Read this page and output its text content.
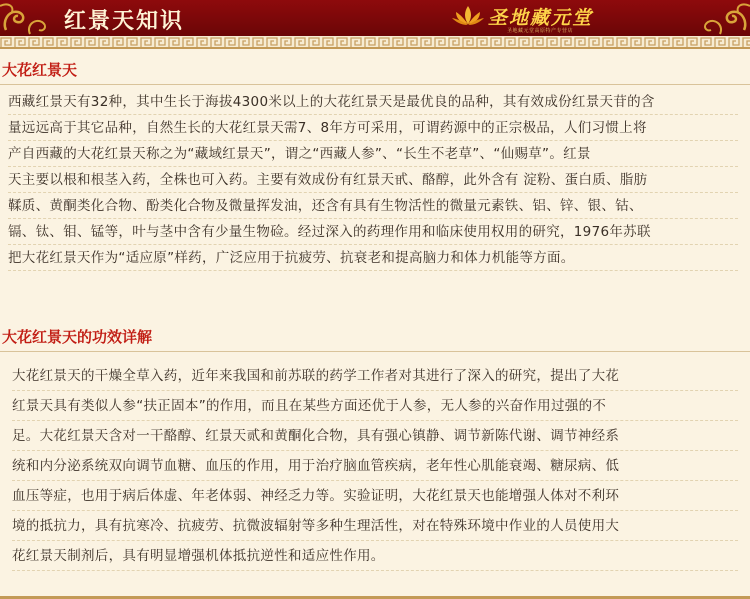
红景天知识	圣地藏元堂
圣地藏元堂高原特产专营店
大花红景天
西藏红景天有32种，其中生长于海拔4300米以上的大花红景天是最优良的品种，其有效成份红景天苷的含
量远远高于其它品种，自然生长的大花红景天需7、8年方可采用，可谓药源中的正宗极品，人们习惯上将
产自西藏的大花红景天称之为“藏域红景天”，谓之“西藏人参”、“长生不老草”、“仙赐草”。红景
天主要以根和根茎入药，全株也可入药。主要有效成份有红景天甙、酪醇，此外含有 淀粉、蛋白质、脂肪
鞣质、黄酮类化合物、酚类化合物及微量挥发油，还含有具有生物活性的微量元素铁、铝、锌、银、钴、
镉、钛、钼、锰等，叶与茎中含有少量生物硷。经过深入的药理作用和临床使用权用的研究，1976年苏联
把大花红景天作为“适应原”样药，广泛应用于抗疲劳、抗衰老和提高脑力和体力机能等方面。
大花红景天的功效详解
大花红景天的干燥全草入药，近年来我国和前苏联的药学工作者对其进行了深入的研究，提出了大花
红景天具有类似人参“扶正固本”的作用，而且在某些方面还优于人参，无人参的兴奋作用过强的不
足。大花红景天含对一干酪醇、红景天贰和黄酮化合物，具有强心镇静、调节新陈代谢、调节神经系
统和内分泌系统双向调节血糖、血压的作用，用于治疗脑血管疾病，老年性心肌能衰竭、糖尿病、低
血压等症，也用于病后体虚、年老体弱、神经乏力等。实验证明，大花红景天也能增强人体对不利环
境的抵抗力，具有抗寒冷、抗疲劳、抗微波辐射等多种生理活性，对在特殊环境中作业的人员使用大
花红景天制剂后，具有明显增强机体抵抗逆性和适应性作用。
